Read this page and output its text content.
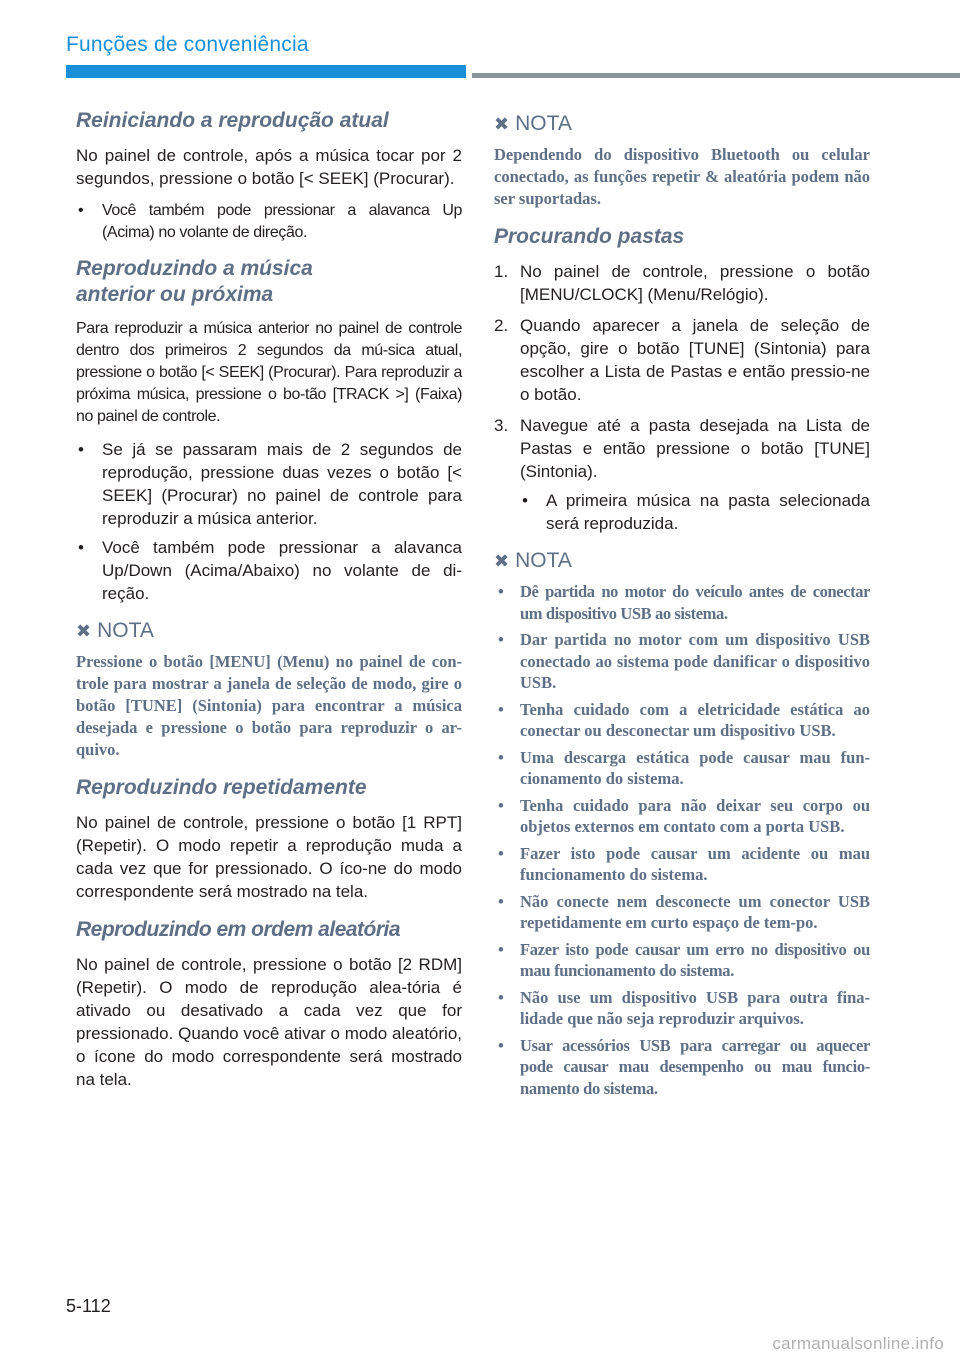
Funções de conveniência
Reiniciando a reprodução atual

No painel de controle, após a música tocar por 2 segundos, pressione o botão [< SEEK] (Procurar).

• Você também pode pressionar a alavanca Up (Acima) no volante de direção.
Reproduzindo a música
anterior ou próxima

Para reproduzir a música anterior no painel de controle dentro dos primeiros 2 segundos da mú-sica atual, pressione o botão [< SEEK] (Procurar). Para reproduzir a próxima música, pressione o bo-tão [TRACK >] (Faixa) no painel de controle.

• Se já se passaram mais de 2 segundos de reprodução, pressione duas vezes o botão [< SEEK] (Procurar) no painel de controle para reproduzir a música anterior.
• Você também pode pressionar a alavanca Up/Down (Acima/Abaixo) no volante de di-reção.
✖ NOTA

Pressione o botão [MENU] (Menu) no painel de con-trole para mostrar a janela de seleção de modo, gire o botão [TUNE] (Sintonia) para encontrar a música desejada e pressione o botão para reproduzir o ar-quivo.

Reproduzindo repetidamente

No painel de controle, pressione o botão [1 RPT] (Repetir). O modo repetir a reprodução muda a cada vez que for pressionado. O íco-ne do modo correspondente será mostrado na tela.

Reproduzindo em ordem aleatória

No painel de controle, pressione o botão [2 RDM] (Repetir). O modo de reprodução alea-tória é ativado ou desativado a cada vez que for pressionado. Quando você ativar o modo aleatório, o ícone do modo correspondente será mostrado na tela.

✖ NOTA

Dependendo do dispositivo Bluetooth ou celular conectado, as funções repetir & aleatória podem não ser suportadas.

Procurando pastas
1. No painel de controle, pressione o botão [MENU/CLOCK] (Menu/Relógio).
2. Quando aparecer a janela de seleção de opção, gire o botão [TUNE] (Sintonia) para escolher a Lista de Pastas e então pressio-ne o botão.
3. Navegue até a pasta desejada na Lista de Pastas e então pressione o botão [TUNE] (Sintonia).
• A primeira música na pasta selecionada será reproduzida.
✖ NOTA
• Dê partida no motor do veículo antes de conectar um dispositivo USB ao sistema.
• Dar partida no motor com um dispositivo USB conectado ao sistema pode danificar o dispositivo USB.
• Tenha cuidado com a eletricidade estática ao conectar ou desconectar um dispositivo USB.
• Uma descarga estática pode causar mau fun-cionamento do sistema.
• Tenha cuidado para não deixar seu corpo ou objetos externos em contato com a porta USB.
• Fazer isto pode causar um acidente ou mau funcionamento do sistema.
• Não conecte nem desconecte um conector USB repetidamente em curto espaço de tem-po.
• Fazer isto pode causar um erro no dispositivo ou mau funcionamento do sistema.
• Não use um dispositivo USB para outra fina-lidade que não seja reproduzir arquivos.
• Usar acessórios USB para carregar ou aquecer pode causar mau desempenho ou mau funcio-namento do sistema.
5-112
carmanualsonline.info
